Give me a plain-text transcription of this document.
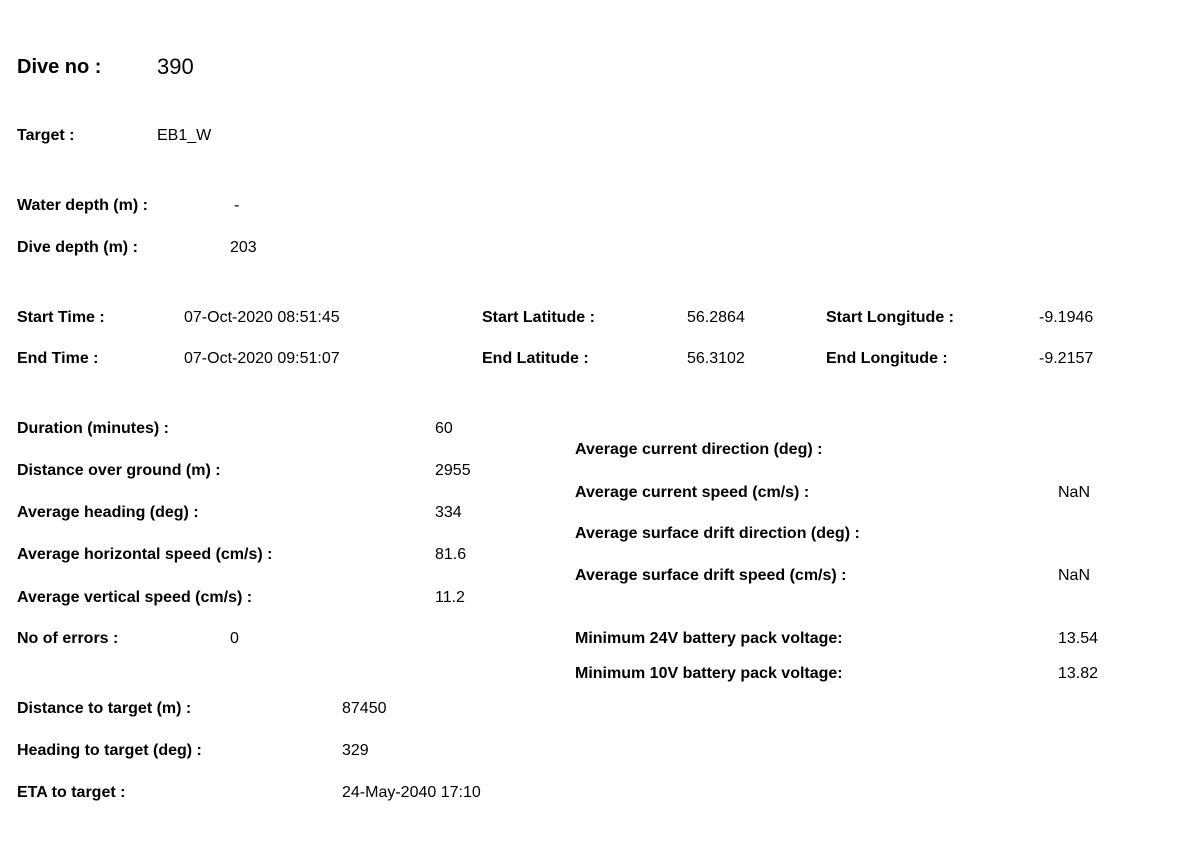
Dive no :	390
Target :	EB1_W
Water depth (m) :	-
Dive depth (m) :	203
Start Time :	07-Oct-2020 08:51:45	Start Latitude :	56.2864	Start Longitude :	-9.1946
End Time :	07-Oct-2020 09:51:07	End Latitude :	56.3102	End Longitude :	-9.2157
Duration (minutes) :	60
Distance over ground (m) :	2955
Average heading (deg) :	334
Average horizontal speed (cm/s) :	81.6
Average vertical speed (cm/s) :	11.2
No of errors :	0
Average current direction (deg) :
Average current speed (cm/s) :	NaN
Average surface drift direction (deg) :
Average surface drift speed (cm/s) :	NaN
Minimum 24V battery pack voltage:	13.54
Minimum 10V battery pack voltage:	13.82
Distance to target (m) :	87450
Heading to target (deg) :	329
ETA to target :	24-May-2040 17:10
